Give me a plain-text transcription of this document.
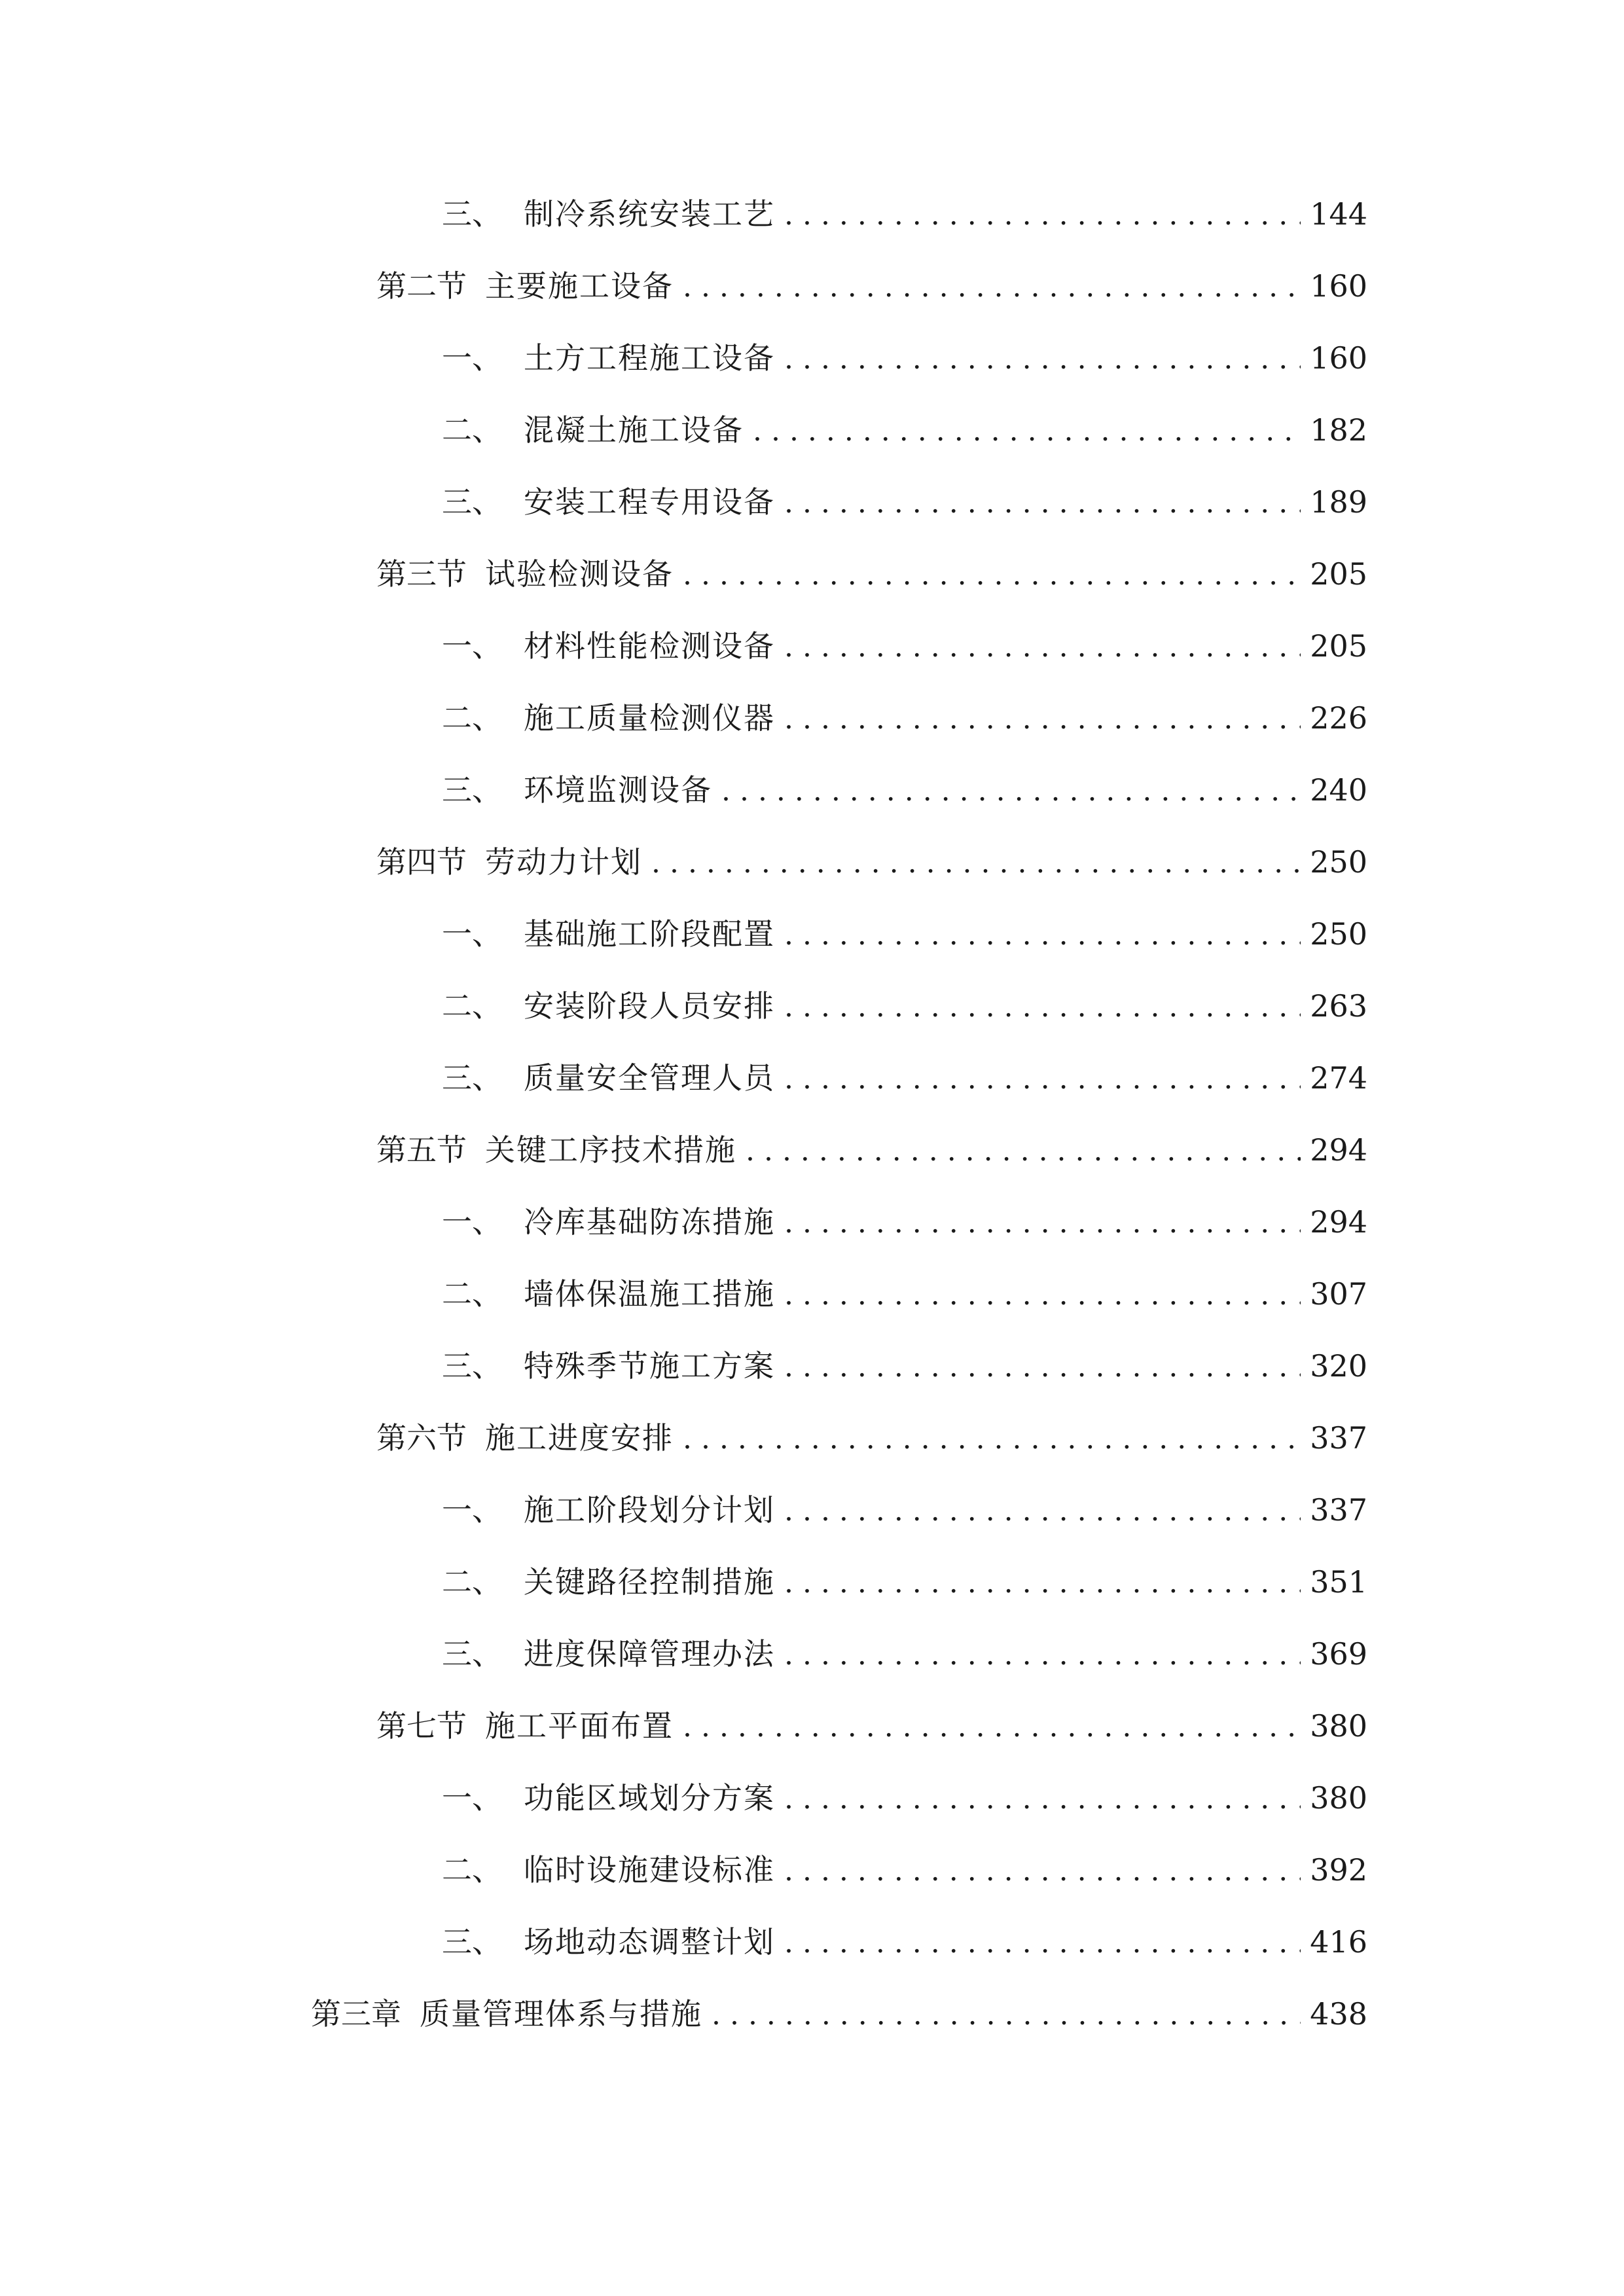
三、 制冷系统安装工艺 . . .	144
第二节 主要施工设备 . . .	160
一、 土方工程施工设备 . . .	160
二、 混凝土施工设备 . . .	182
三、 安装工程专用设备 . . .	189
第三节 试验检测设备 . . .	205
一、 材料性能检测设备 . . .	205
二、 施工质量检测仪器 . . .	226
三、 环境监测设备 . . .	240
第四节 劳动力计划 . . .	250
一、 基础施工阶段配置 . . .	250
二、 安装阶段人员安排 . . .	263
三、 质量安全管理人员 . . .	274
第五节 关键工序技术措施 . . .	294
一、 冷库基础防冻措施 . . .	294
二、 墙体保温施工措施 . . .	307
三、 特殊季节施工方案 . . .	320
第六节 施工进度安排 . . .	337
一、 施工阶段划分计划 . . .	337
二、 关键路径控制措施 . . .	351
三、 进度保障管理办法 . . .	369
第七节 施工平面布置 . . .	380
一、 功能区域划分方案 . . .	380
二、 临时设施建设标准 . . .	392
三、 场地动态调整计划 . . .	416
第三章 质量管理体系与措施 . . .	438
